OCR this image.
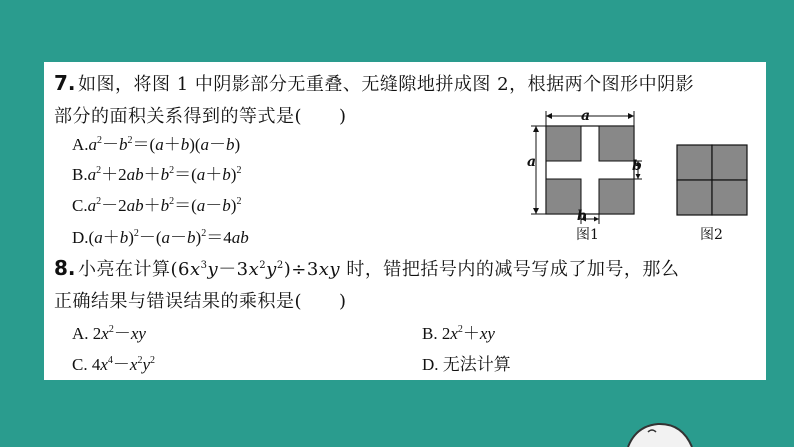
7. 如图，将图 1 中阴影部分无重叠、无缝隙地拼成图 2，根据两个图形中阴影
部分的面积关系得到的等式是(　　)
$A.a^2-b^2=(a+b)(a-b)$
$B.a^2+2ab+b^2=(a+b)^2$
$C.a^2-2ab+b^2=(a-b)^2$
$D.(a+b)^2-(a-b)^2=4ab$
a
a	b
b
图1	图2
8. 小亮在计算$(6x^3y-3x^2y^2)\div 3xy$ 时，错把括号内的减号写成了加号，那么
正确结果与错误结果的乘积是(　　)
A. $2x^2-xy$	B. $2x^2+xy$
C. $4x^4-x^2y^2$	D. 无法计算
